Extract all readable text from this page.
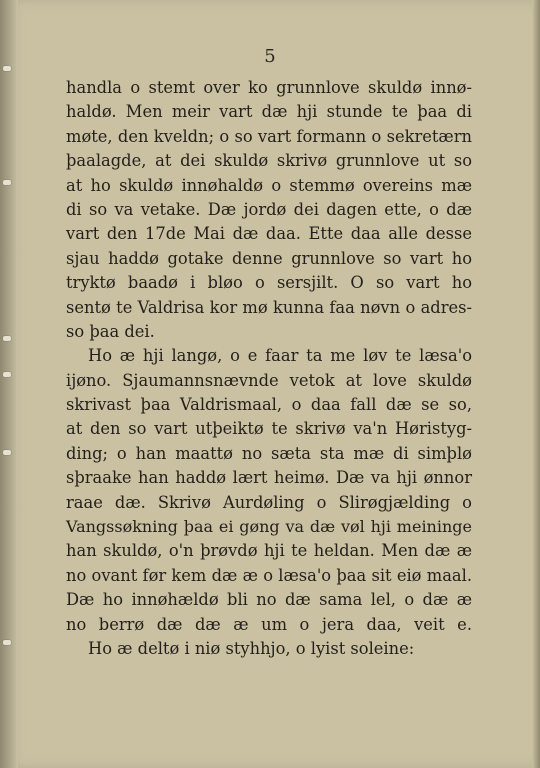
5
handla o stemt over ko grunnlove skuldø innø-
haldø. Men meir vart dæ hji stunde te þaa di
møte, den kveldn; o so vart formann o sekretærn
þaalagde, at dei skuldø skrivø grunnlove ut so
at ho skuldø innøhaldø o stemmø overeins mæ
di so va vetake. Dæ jordø dei dagen ette, o dæ
vart den 17de Mai dæ daa. Ette daa alle desse
sjau haddø gotake denne grunnlove so vart ho
tryktø baadø i bløo o sersjilt. O so vart ho
sentø te Valdrisa kor mø kunna faa nøvn o adres-
so þaa dei.
Ho æ hji langø, o e faar ta me løv te læsa'o
ijøno. Sjaumannsnævnde vetok at love skuldø
skrivast þaa Valdrismaal, o daa fall dæ se so,
at den so vart utþeiktø te skrivø va'n Høristyg-
ding; o han maattø no sæta sta mæ di simþlø
sþraake han haddø lært heimø. Dæ va hji ønnor
raae dæ. Skrivø Aurdøling o Slirøgjælding o
Vangssøkning þaa ei gøng va dæ vøl hji meininge
han skuldø, o'n þrøvdø hji te heldan. Men dæ æ
no ovant før kem dæ æ o læsa'o þaa sit eiø maal.
Dæ ho innøhældø bli no dæ sama lel, o dæ æ
no berrø dæ dæ æ um o jera daa, veit e.
Ho æ deltø i niø styhhjo, o lyist soleine:
